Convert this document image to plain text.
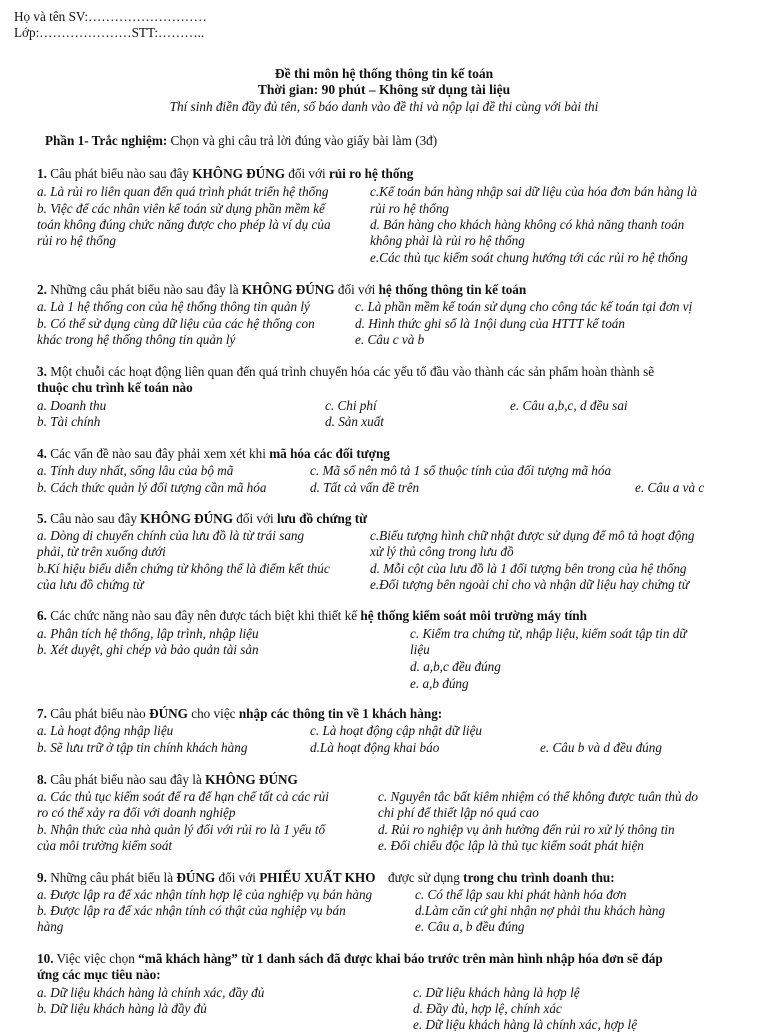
Họ và tên SV:………………………
Lớp:…………………STT:………..
Đề thi môn hệ thống thông tin kế toán
Thời gian: 90 phút – Không sử dụng tài liệu
Thí sinh điền đầy đủ tên, số báo danh vào đề thi và nộp lại đề thi cùng với bài thi
Phần 1- Trắc nghiệm: Chọn và ghi câu trả lời đúng vào giấy bài làm (3đ)
1. Câu phát biểu nào sau đây KHÔNG ĐÚNG đối với rủi ro hệ thống
a. Là rủi ro liên quan đến quá trình phát triển hệ thống
b. Việc để các nhân viên kế toán sử dụng phần mềm kế
toán không đúng chức năng được cho phép là ví dụ của
rủi ro hệ thống
c.Kế toán bán hàng nhập sai dữ liệu của hóa đơn bán hàng là
rủi ro hệ thống
d. Bán hàng cho khách hàng không có khả năng thanh toán
không phải là rủi ro hệ thống
e.Các thủ tục kiểm soát chung hướng tới các rủi ro hệ thống
2. Những câu phát biểu nào sau đây là KHÔNG ĐÚNG đối với hệ thống thông tin kế toán
a. Là 1 hệ thống con của hệ thống thông tin quản lý
b. Có thể sử dụng cùng dữ liệu của các hệ thống con
khác trong hệ thống thông tin quản lý
c. Là phần mềm kế toán sử dụng cho công tác kế toán tại đơn vị
d. Hình thức ghi sổ là 1nội dung của HTTT kế toán
e. Câu c và b
3. Một chuỗi các hoạt động liên quan đến quá trình chuyển hóa các yếu tố đầu vào thành các sản phẩm hoàn thành sẽ
thuộc chu trình kế toán nào
a. Doanh thu
b. Tài chính
c. Chi phí
d. Sản xuất
e. Câu a,b,c, d đều sai
4. Các vấn đề nào sau đây phải xem xét khi mã hóa các đối tượng
a. Tính duy nhất, sống lâu của bộ mã
b. Cách thức quản lý đối tượng cần mã hóa
c. Mã số nên mô tả 1 số thuộc tính của đối tượng mã hóa
d. Tất cả vấn đề trên	e. Câu a và c
5. Câu nào sau đây KHÔNG ĐÚNG đối với lưu đồ chứng từ
a. Dòng di chuyển chính của lưu đồ là từ trái sang
phải, từ trên xuống dưới
b.Kí hiệu biểu diễn chứng từ không thể là điểm kết thúc
của lưu đồ chứng từ
c.Biểu tượng hình chữ nhật được sử dụng để mô tả hoạt động
xử lý thủ công trong lưu đồ
d. Mỗi cột của lưu đồ là 1 đối tượng bên trong của hệ thống
e.Đối tượng bên ngoài chỉ cho và nhận dữ liệu hay chứng từ
6. Các chức năng nào sau đây nên được tách biệt khi thiết kế hệ thống kiểm soát môi trường máy tính
a. Phân tích hệ thống, lập trình, nhập liệu
b. Xét duyệt, ghi chép và bảo quản tài sản
c. Kiểm tra chứng từ, nhập liệu, kiểm soát tập tin dữ
liệu
d. a,b,c đều đúng
e. a,b đúng
7. Câu phát biểu nào ĐÚNG cho việc nhập các thông tin về 1 khách hàng:
a. Là hoạt động nhập liệu
b. Sẽ lưu trữ ở tập tin chính khách hàng
c. Là hoạt động cập nhật dữ liệu
d.Là hoạt động khai báo	e. Câu b và d đều đúng
8. Câu phát biểu nào sau đây là KHÔNG ĐÚNG
a. Các thủ tục kiểm soát để ra để hạn chế tất cả các rủi
ro có thể xảy ra đối với doanh nghiệp
b. Nhận thức của nhà quản lý đối với rủi ro là 1 yếu tố
của môi trường kiểm soát
c. Nguyên tắc bất kiêm nhiệm có thể không được tuân thủ do
chi phí để thiết lập nó quá cao
d. Rủi ro nghiệp vụ ảnh hưởng đến rủi ro xử lý thông tin
e. Đối chiếu độc lập là thủ tục kiểm soát phát hiện
9. Những câu phát biểu là ĐÚNG đối với PHIẾU XUẤT KHO được sử dụng trong chu trình doanh thu:
a. Được lập ra để xác nhận tính hợp lệ của nghiệp vụ bán hàng
b. Được lập ra để xác nhận tính có thật của nghiệp vụ bán
hàng
c. Có thể lập sau khi phát hành hóa đơn
d.Làm căn cứ ghi nhận nợ phải thu khách hàng
e. Câu a, b đều đúng
10. Việc việc chọn “mã khách hàng” từ 1 danh sách đã được khai báo trước trên màn hình nhập hóa đơn sẽ đáp
ứng các mục tiêu nào:
a. Dữ liệu khách hàng là chính xác, đầy đủ
b. Dữ liệu khách hàng là đầy đủ
c. Dữ liệu khách hàng là hợp lệ
d. Đầy đủ, hợp lệ, chính xác
e. Dữ liệu khách hàng là chính xác, hợp lệ
